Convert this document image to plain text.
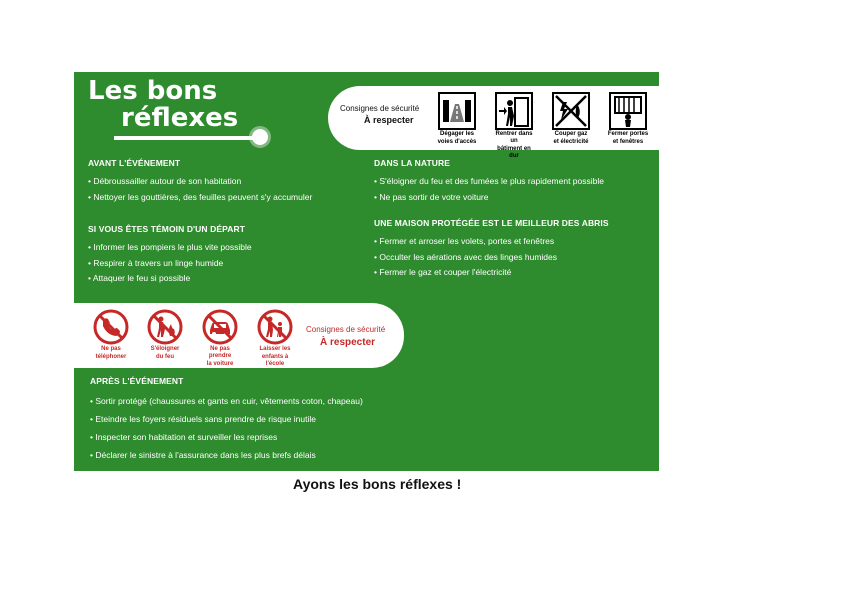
Les bons
réflexes	Consignes de sécurité
À respecter
Dégager les
voies d'accès
Rentrer dans un
bâtiment en dur
Couper gaz
et électricité
Fermer portes
et fenêtres
AVANT L'ÉVÉNEMENT
• Débroussailler autour de son habitation
• Nettoyer les gouttières, des feuilles peuvent s'y accumuler
SI VOUS ÊTES TÉMOIN D'UN DÉPART
• Informer les pompiers le plus vite possible
• Respirer à travers un linge humide
• Attaquer le feu si possible
DANS LA NATURE
• S'éloigner du feu et des fumées le plus rapidement possible
• Ne pas sortir de votre voiture
UNE MAISON PROTÉGÉE EST LE MEILLEUR DES ABRIS
• Fermer et arroser les volets, portes et fenêtres
• Occulter les aérations avec des linges humides
• Fermer le gaz et couper l'électricité
Ne pas
téléphoner
S'éloigner
du feu
Ne pas prendre
la voiture
Laisser les
enfants à l'école
Consignes de sécurité
À respecter
APRÈS L'ÉVÉNEMENT
• Sortir protégé (chaussures et gants en cuir, vêtements coton, chapeau)
• Eteindre les foyers résiduels sans prendre de risque inutile
• Inspecter son habitation et surveiller les reprises
• Déclarer le sinistre à l'assurance dans les plus brefs délais
Ayons les bons réflexes !
